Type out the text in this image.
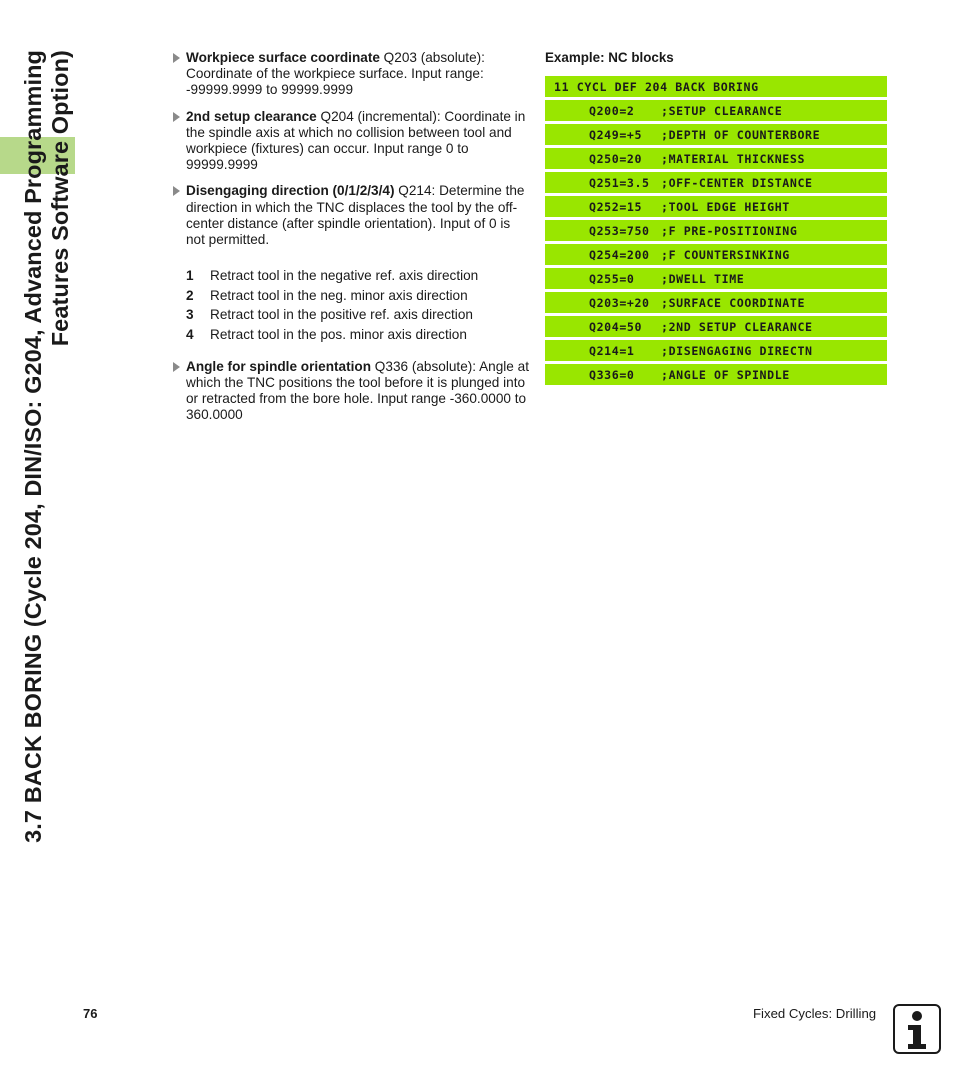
3.7 BACK BORING (Cycle 204, DIN/ISO: G204, Advanced Programming Features Software Option)	Workpiece surface coordinate Q203 (absolute): Coordinate of the workpiece surface. Input range: -99999.9999 to 99999.9999
2nd setup clearance Q204 (incremental): Coordinate in the spindle axis at which no collision between tool and workpiece (fixtures) can occur. Input range 0 to 99999.9999
Disengaging direction (0/1/2/3/4) Q214: Determine the direction in which the TNC displaces the tool by the off-center distance (after spindle orientation). Input of 0 is not permitted.
1	Retract tool in the negative ref. axis direction
2	Retract tool in the neg. minor axis direction
3	Retract tool in the positive ref. axis direction
4	Retract tool in the pos. minor axis direction
Angle for spindle orientation Q336 (absolute): Angle at which the TNC positions the tool before it is plunged into or retracted from the bore hole. Input range -360.0000 to 360.0000
Example: NC blocks
11 CYCL DEF 204 BACK BORING
Q200=2	;SETUP CLEARANCE
Q249=+5	;DEPTH OF COUNTERBORE
Q250=20	;MATERIAL THICKNESS
Q251=3.5 ;OFF-CENTER DISTANCE
Q252=15	;TOOL EDGE HEIGHT
Q253=750 ;F PRE-POSITIONING
Q254=200 ;F COUNTERSINKING
Q255=0	;DWELL TIME
Q203=+20 ;SURFACE COORDINATE
Q204=50	;2ND SETUP CLEARANCE
Q214=1	;DISENGAGING DIRECTN
Q336=0	;ANGLE OF SPINDLE
76	Fixed Cycles: Drilling
